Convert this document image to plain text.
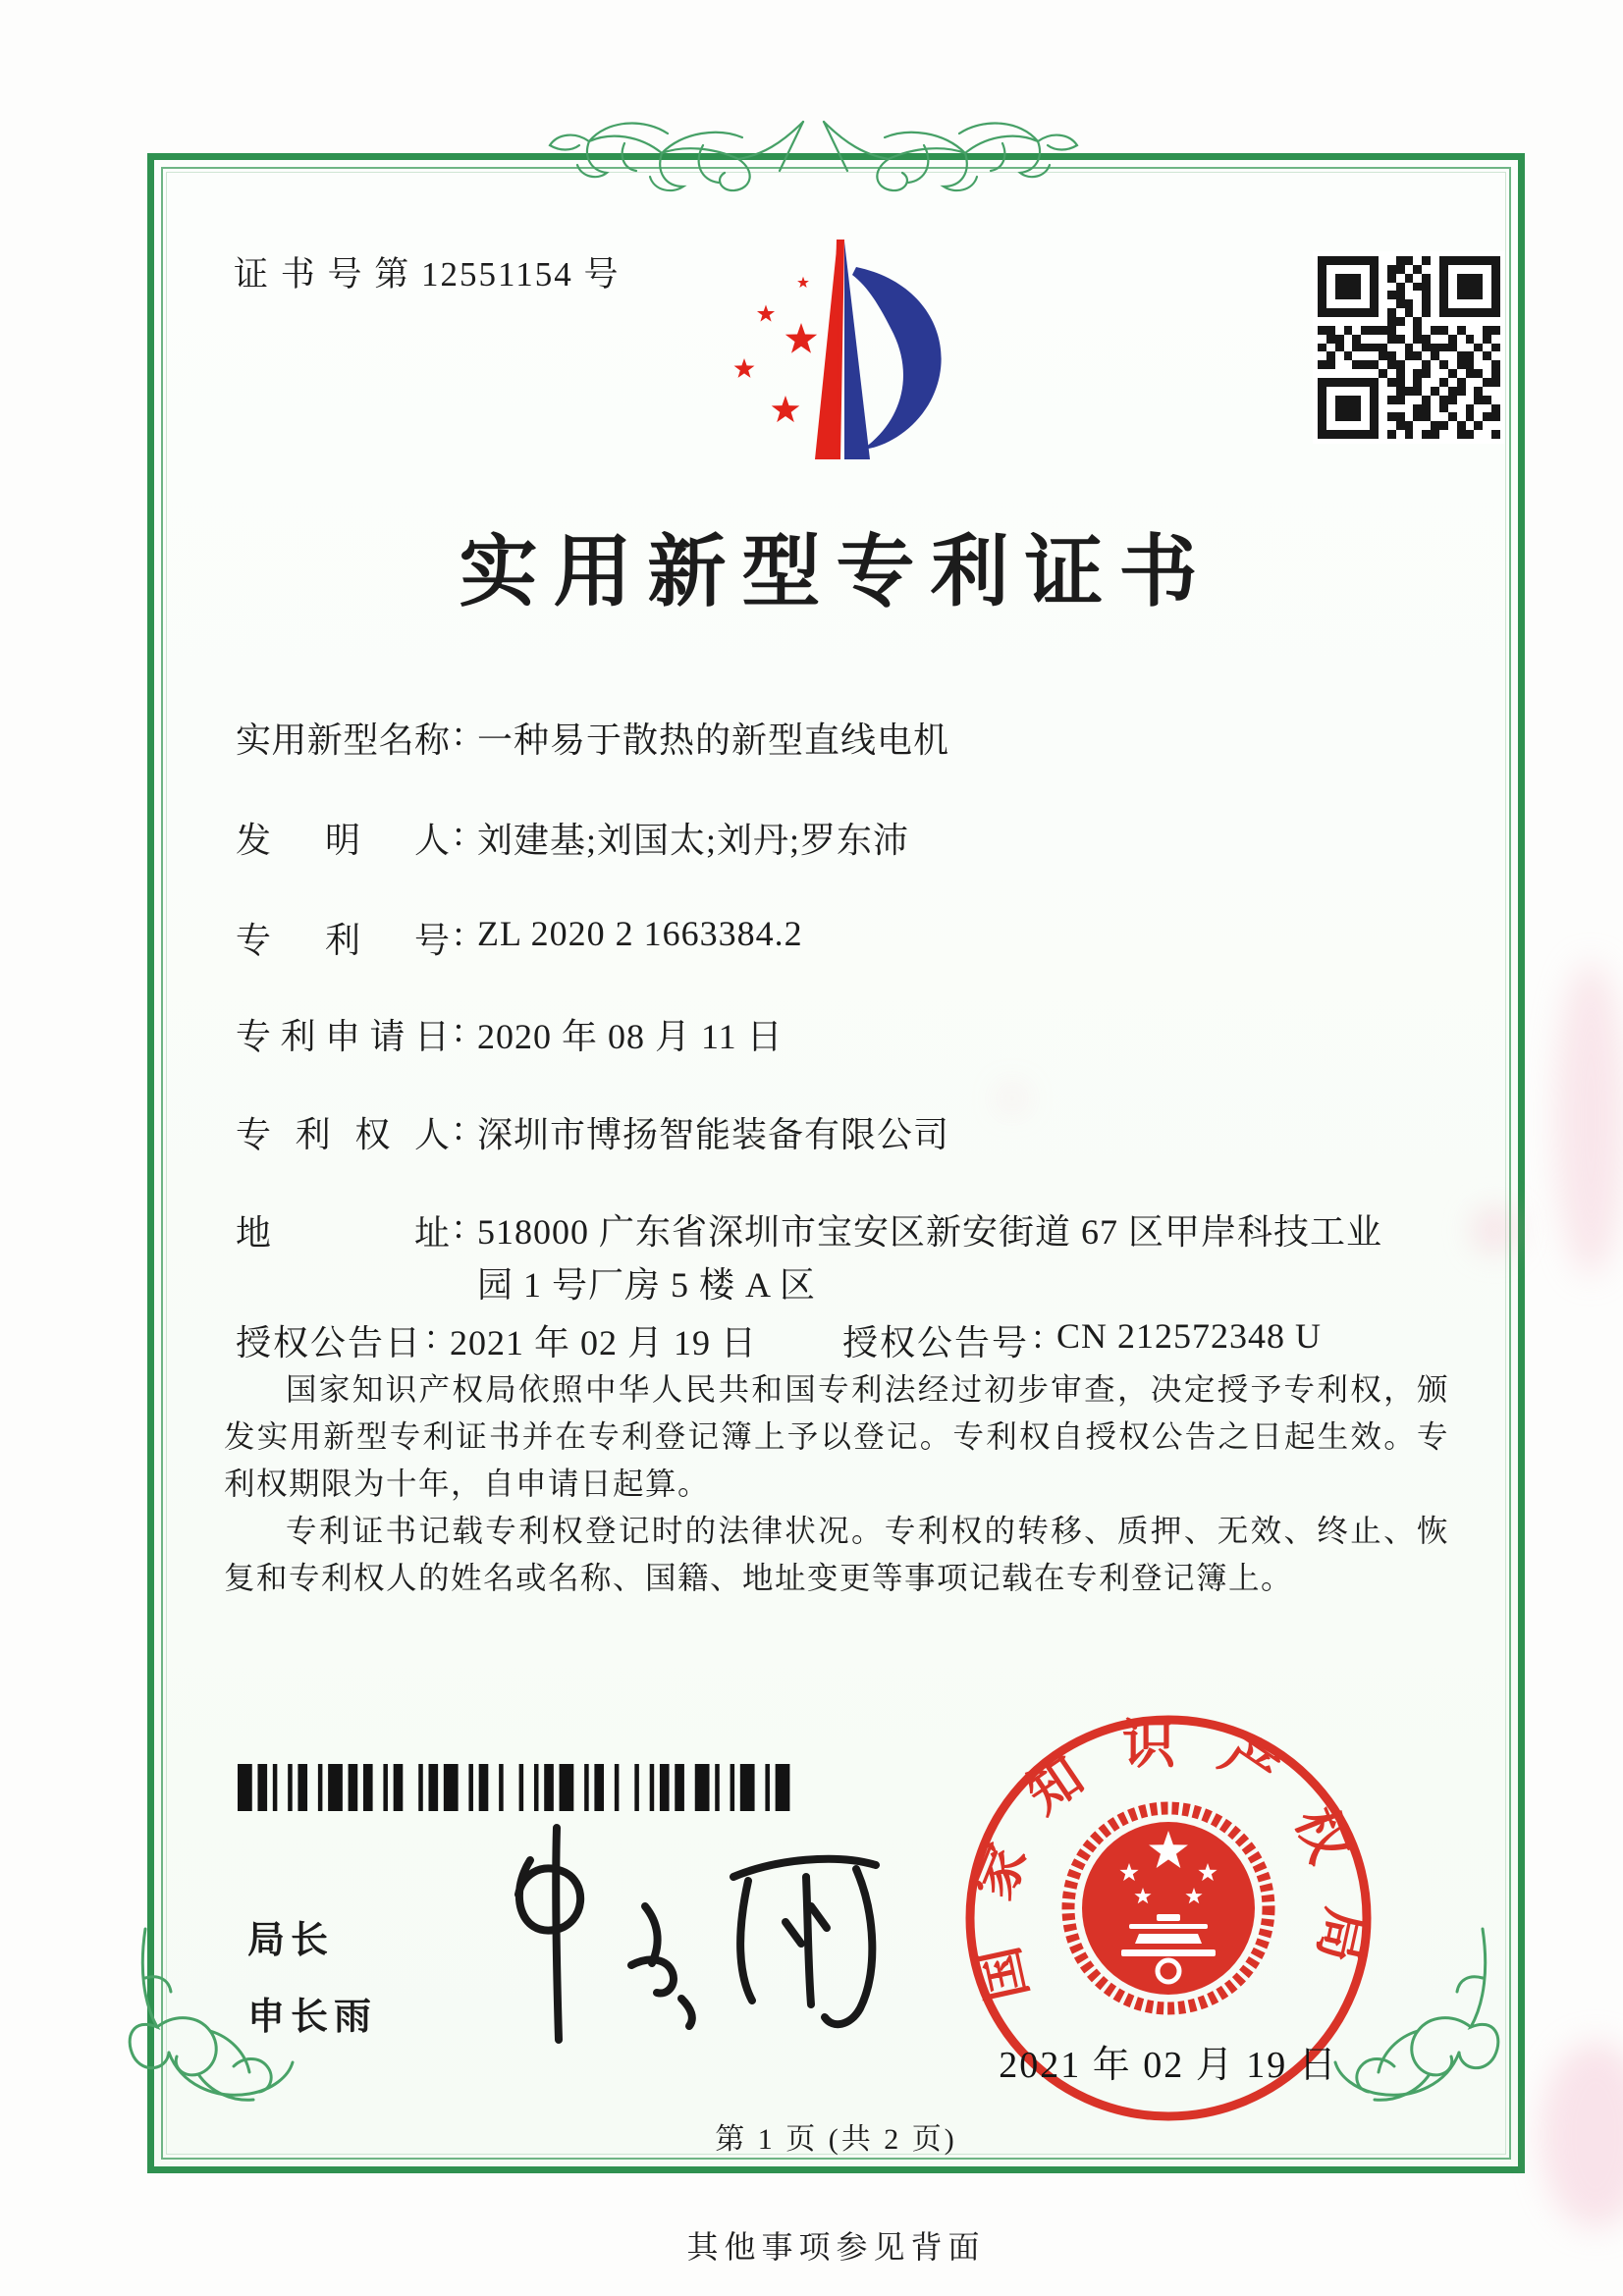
证 书 号 第 12551154 号
实用新型专利证书
实用新型名称 : 一种易于散热的新型直线电机
发明人 : 刘建基;刘国太;刘丹;罗东沛
专利号 : ZL 2020 2 1663384.2
专利申请日 : 2020 年 08 月 11 日
专利权人 : 深圳市博扬智能装备有限公司
地址 : 518000 广东省深圳市宝安区新安街道 67 区甲岸科技工业园 1 号厂房 5 楼 A 区
授权公告日 : 2021 年 02 月 19 日 授权公告号 : CN 212572348 U

国家知识产权局依照中华人民共和国专利法经过初步审查，决定授予专利权，颁发实用新型专利证书并在专利登记簿上予以登记。专利权自授权公告之日起生效。专利权期限为十年，自申请日起算。

专利证书记载专利权登记时的法律状况。专利权的转移、质押、无效、终止、恢复和专利权人的姓名或名称、国籍、地址变更等事项记载在专利登记簿上。

局长
申长雨
国家知识产权局
2021 年 02 月 19 日
第 1 页 (共 2 页)
其他事项参见背面
